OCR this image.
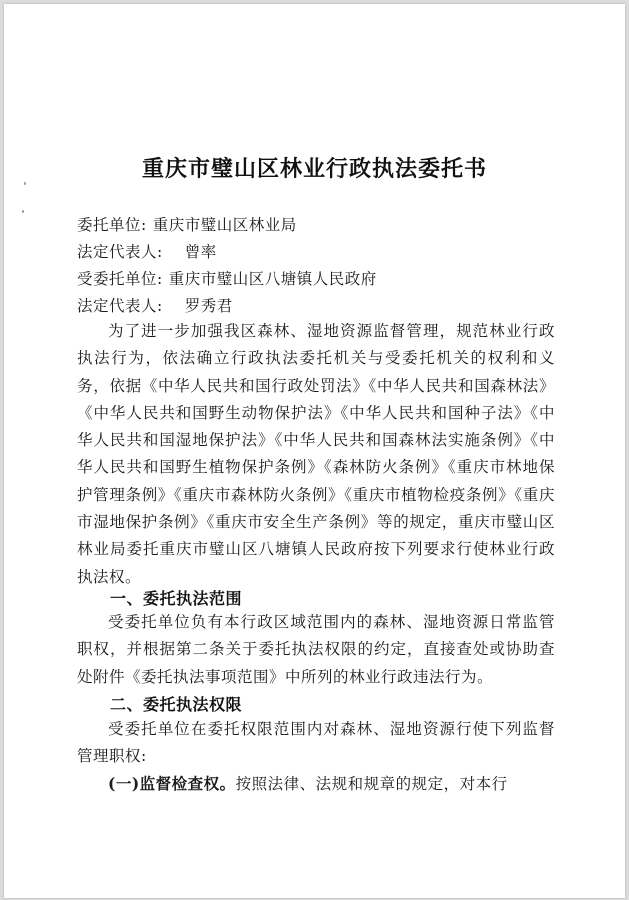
重庆市璧山区林业行政执法委托书
委托单位: 重庆市璧山区林业局
法定代表人: 曾率
受委托单位: 重庆市璧山区八塘镇人民政府
法定代表人: 罗秀君
为了进一步加强我区森林、湿地资源监督管理，规范林业行政执法行为，依法确立行政执法委托机关与受委托机关的权利和义务，依据《中华人民共和国行政处罚法》《中华人民共和国森林法》《中华人民共和国野生动物保护法》《中华人民共和国种子法》《中华人民共和国湿地保护法》《中华人民共和国森林法实施条例》《中华人民共和国野生植物保护条例》《森林防火条例》《重庆市林地保护管理条例》《重庆市森林防火条例》《重庆市植物检疫条例》《重庆市湿地保护条例》《重庆市安全生产条例》等的规定，重庆市璧山区林业局委托重庆市璧山区八塘镇人民政府按下列要求行使林业行政执法权。
一、委托执法范围
受委托单位负有本行政区域范围内的森林、湿地资源日常监管职权，并根据第二条关于委托执法权限的约定，直接查处或协助查处附件《委托执法事项范围》中所列的林业行政违法行为。
二、委托执法权限
受委托单位在委托权限范围内对森林、湿地资源行使下列监督管理职权:
(一)监督检查权。按照法律、法规和规章的规定，对本行
